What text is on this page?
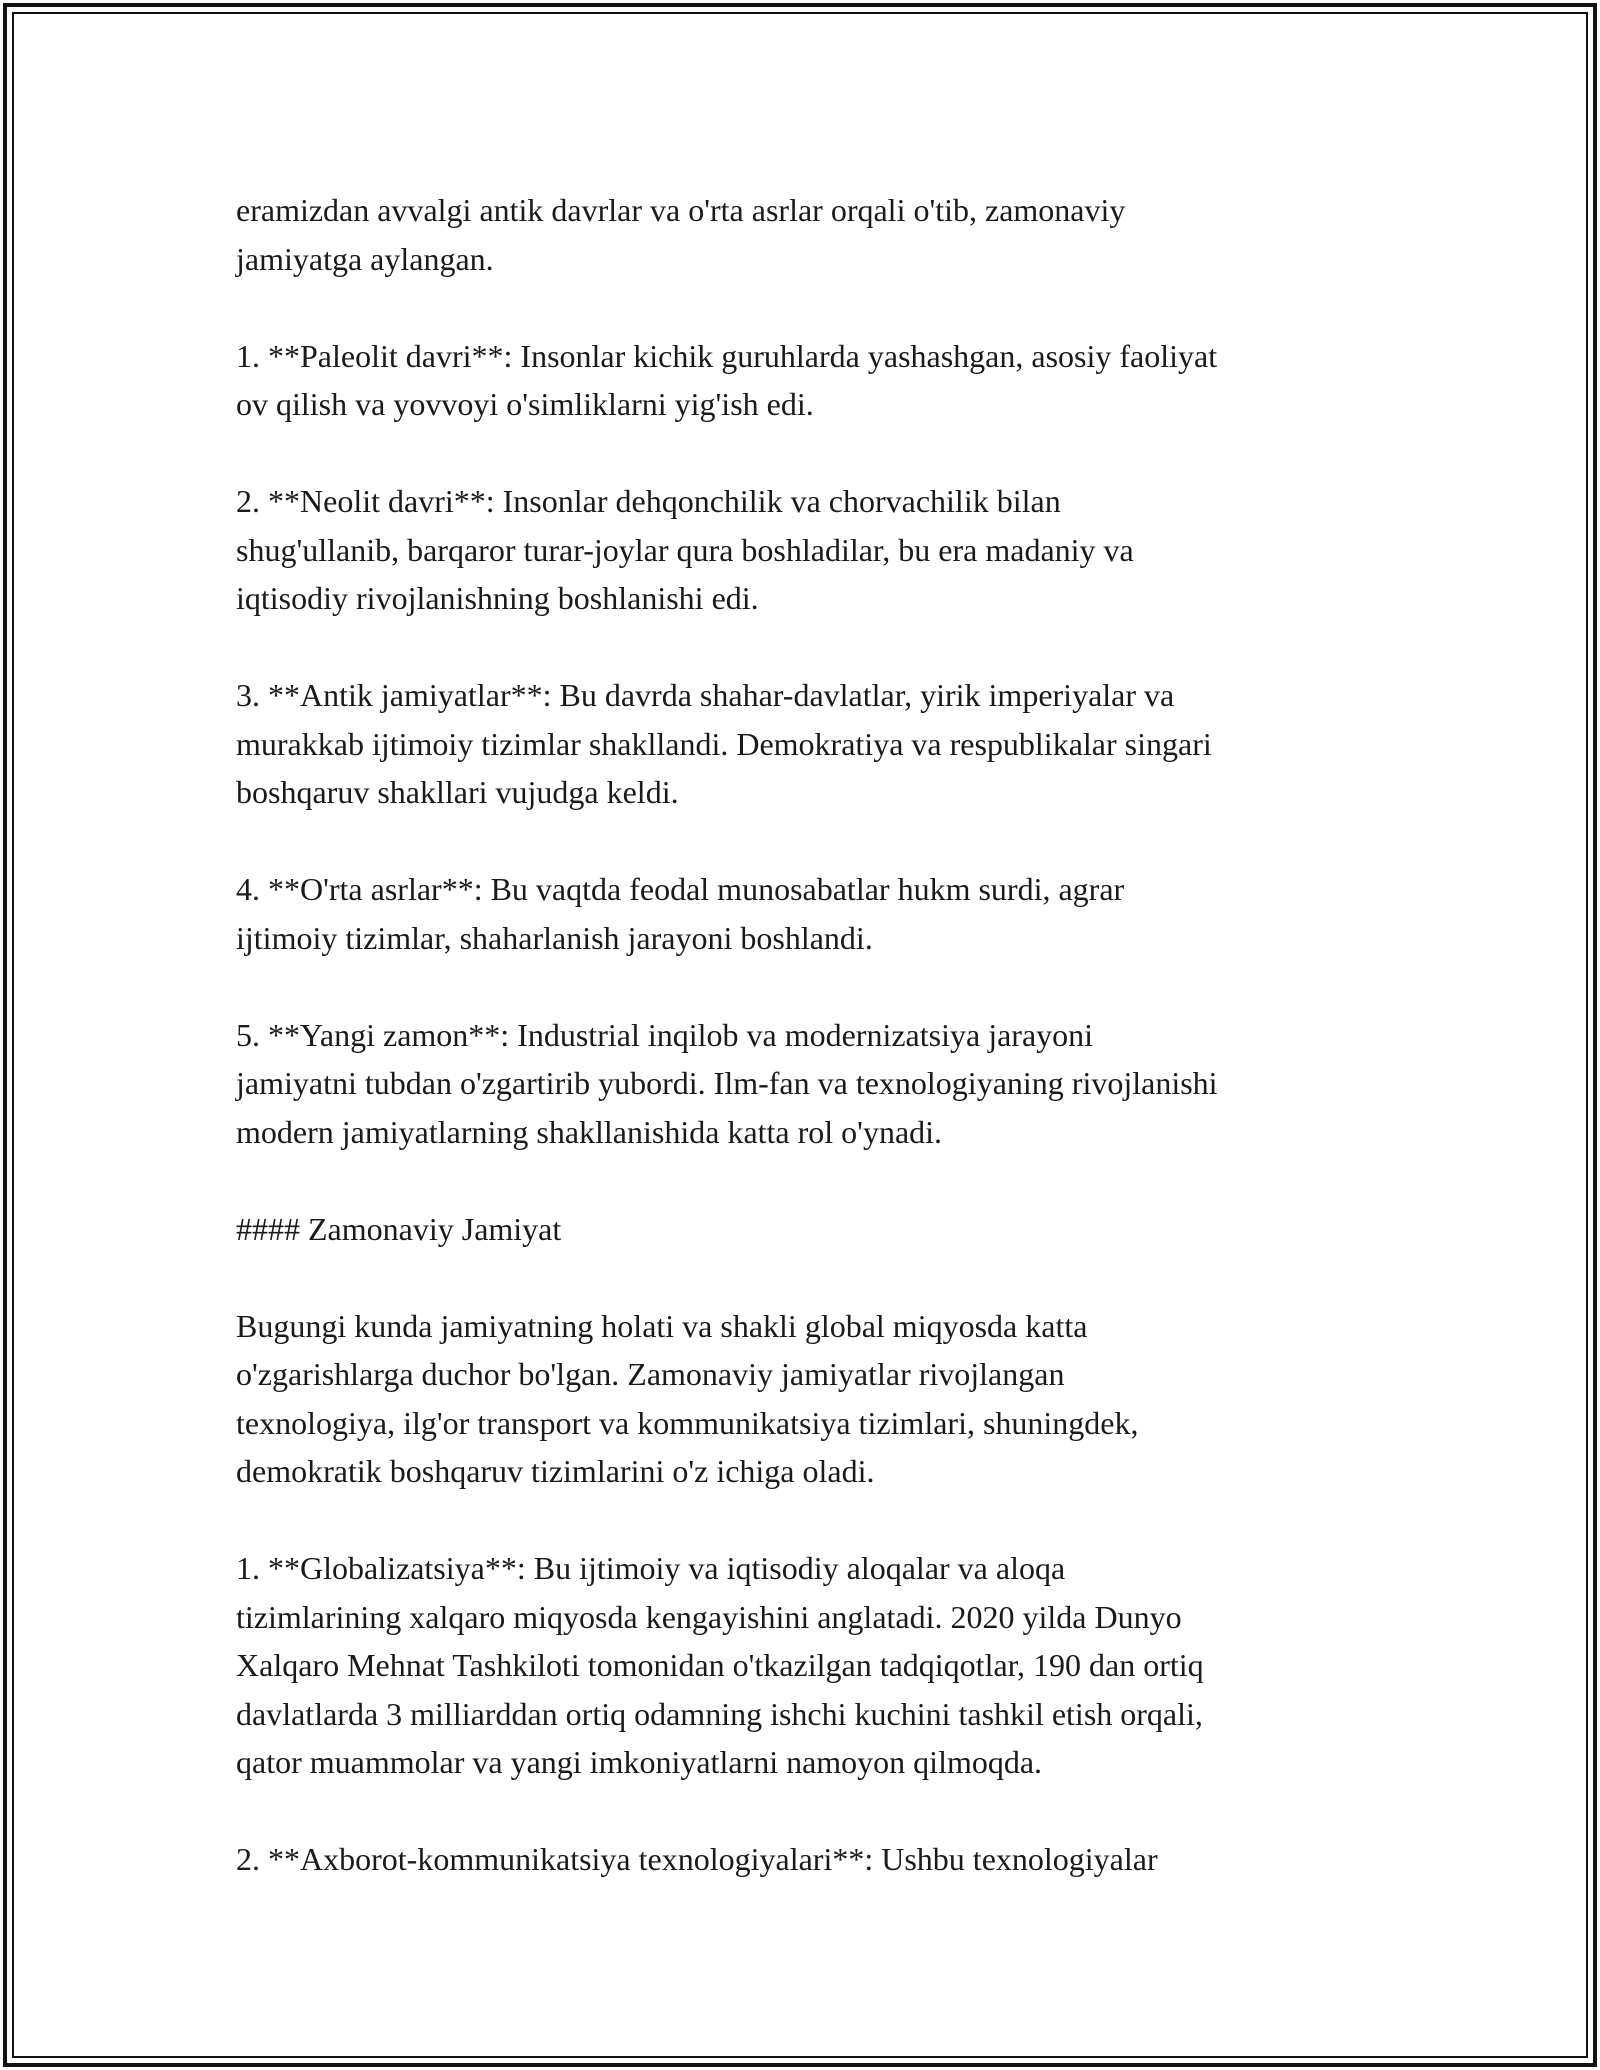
eramizdan avvalgi antik davrlar va o'rta asrlar orqali o'tib, zamonaviy
jamiyatga aylangan.

1. **Paleolit davri**: Insonlar kichik guruhlarda yashashgan, asosiy faoliyat
ov qilish va yovvoyi o'simliklarni yig'ish edi.

2. **Neolit davri**: Insonlar dehqonchilik va chorvachilik bilan
shug'ullanib, barqaror turar-joylar qura boshladilar, bu era madaniy va
iqtisodiy rivojlanishning boshlanishi edi.

3. **Antik jamiyatlar**: Bu davrda shahar-davlatlar, yirik imperiyalar va
murakkab ijtimoiy tizimlar shakllandi. Demokratiya va respublikalar singari
boshqaruv shakllari vujudga keldi.

4. **O'rta asrlar**: Bu vaqtda feodal munosabatlar hukm surdi, agrar
ijtimoiy tizimlar, shaharlanish jarayoni boshlandi.

5. **Yangi zamon**: Industrial inqilob va modernizatsiya jarayoni
jamiyatni tubdan o'zgartirib yubordi. Ilm-fan va texnologiyaning rivojlanishi
modern jamiyatlarning shakllanishida katta rol o'ynadi.

#### Zamonaviy Jamiyat

Bugungi kunda jamiyatning holati va shakli global miqyosda katta
o'zgarishlarga duchor bo'lgan. Zamonaviy jamiyatlar rivojlangan
texnologiya, ilg'or transport va kommunikatsiya tizimlari, shuningdek,
demokratik boshqaruv tizimlarini o'z ichiga oladi.

1. **Globalizatsiya**: Bu ijtimoiy va iqtisodiy aloqalar va aloqa
tizimlarining xalqaro miqyosda kengayishini anglatadi. 2020 yilda Dunyo
Xalqaro Mehnat Tashkiloti tomonidan o'tkazilgan tadqiqotlar, 190 dan ortiq
davlatlarda 3 milliarddan ortiq odamning ishchi kuchini tashkil etish orqali,
qator muammolar va yangi imkoniyatlarni namoyon qilmoqda.

2. **Axborot-kommunikatsiya texnologiyalari**: Ushbu texnologiyalar
